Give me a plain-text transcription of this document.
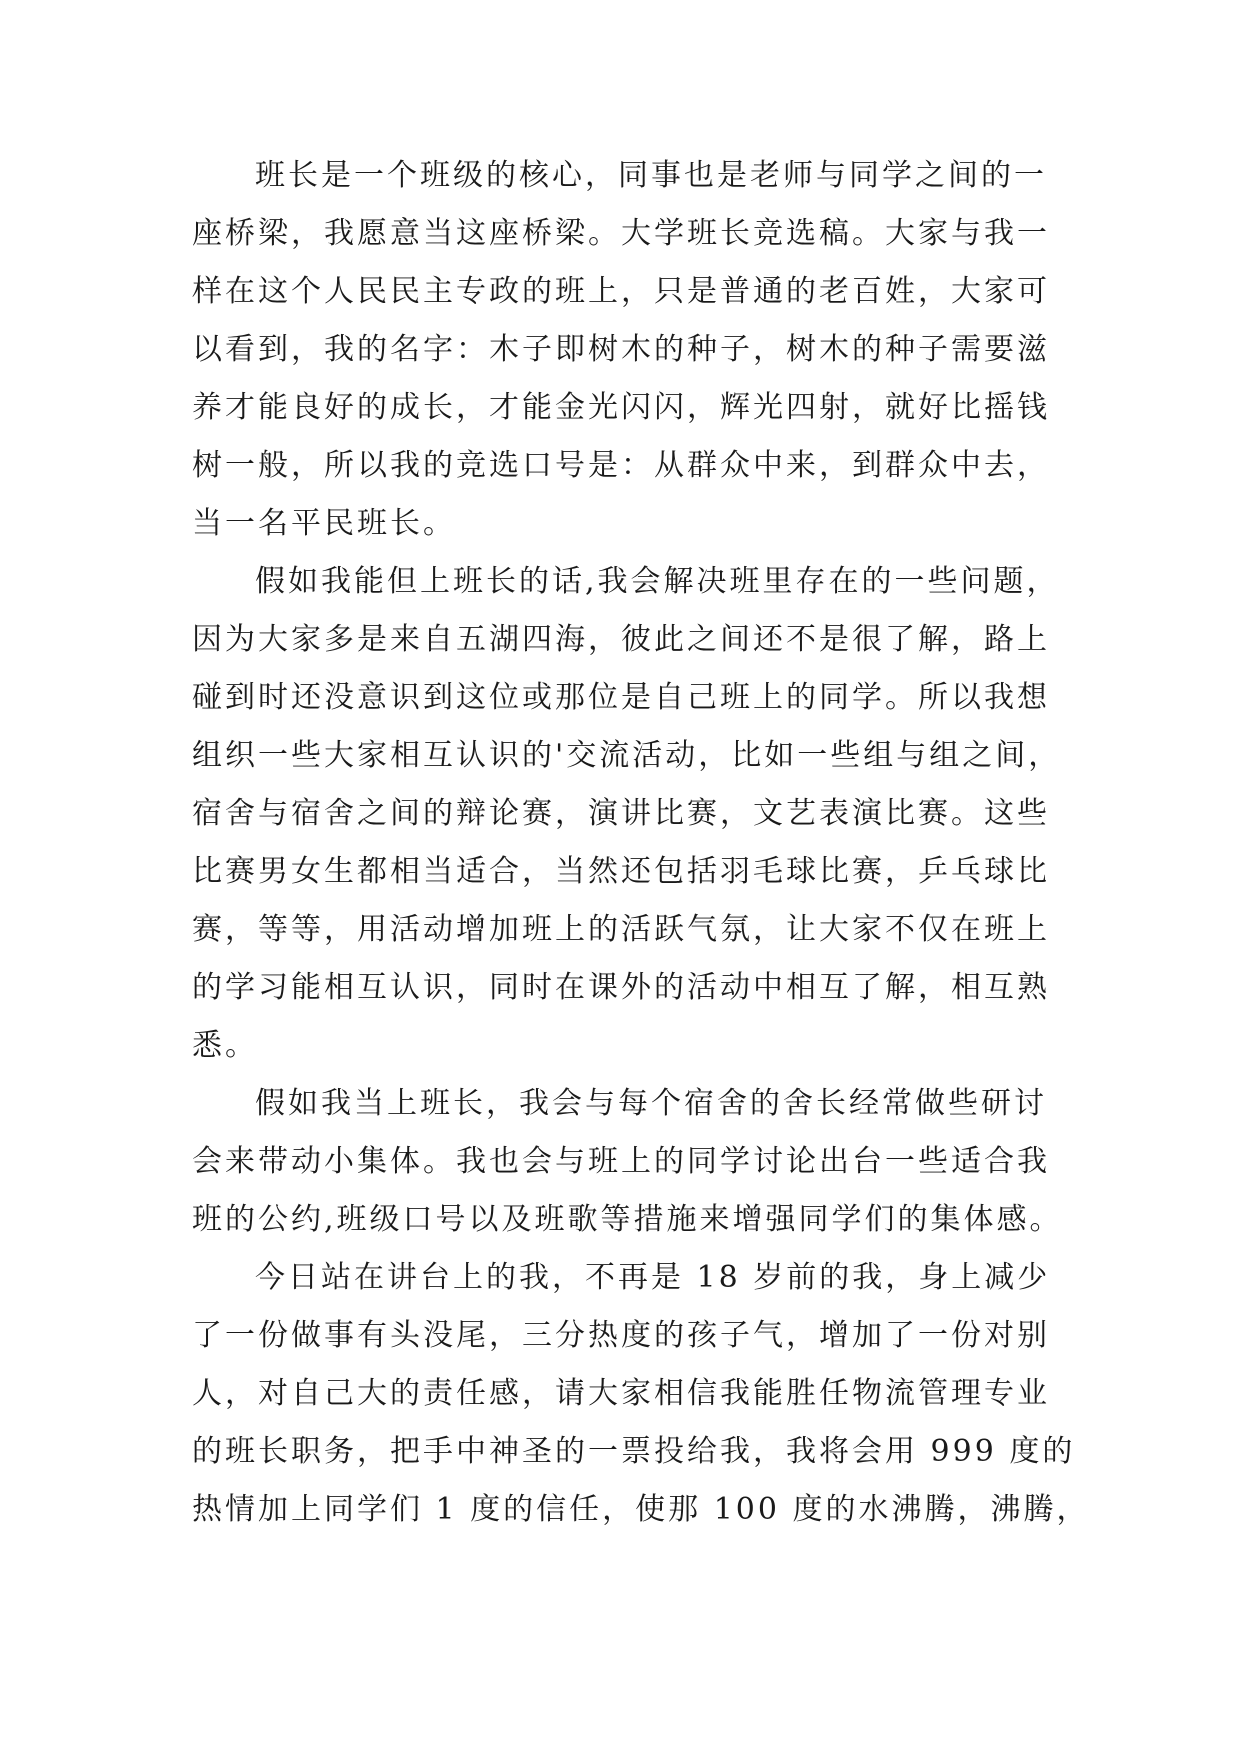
班长是一个班级的核心，同事也是老师与同学之间的一
座桥梁，我愿意当这座桥梁。大学班长竞选稿。大家与我一
样在这个人民民主专政的班上，只是普通的老百姓，大家可
以看到，我的名字：木子即树木的种子，树木的种子需要滋
养才能良好的成长，才能金光闪闪，辉光四射，就好比摇钱
树一般，所以我的竞选口号是：从群众中来，到群众中去，
当一名平民班长。
假如我能但上班长的话,我会解决班里存在的一些问题，
因为大家多是来自五湖四海，彼此之间还不是很了解，路上
碰到时还没意识到这位或那位是自己班上的同学。所以我想
组织一些大家相互认识的'交流活动，比如一些组与组之间，
宿舍与宿舍之间的辩论赛，演讲比赛，文艺表演比赛。这些
比赛男女生都相当适合，当然还包括羽毛球比赛，乒乓球比
赛，等等，用活动增加班上的活跃气氛，让大家不仅在班上
的学习能相互认识，同时在课外的活动中相互了解，相互熟
悉。
假如我当上班长，我会与每个宿舍的舍长经常做些研讨
会来带动小集体。我也会与班上的同学讨论出台一些适合我
班的公约,班级口号以及班歌等措施来增强同学们的集体感。
今日站在讲台上的我，不再是 18 岁前的我，身上减少
了一份做事有头没尾，三分热度的孩子气，增加了一份对别
人，对自己大的责任感，请大家相信我能胜任物流管理专业
的班长职务，把手中神圣的一票投给我，我将会用 999 度的
热情加上同学们 1 度的信任，使那 100 度的水沸腾，沸腾，
